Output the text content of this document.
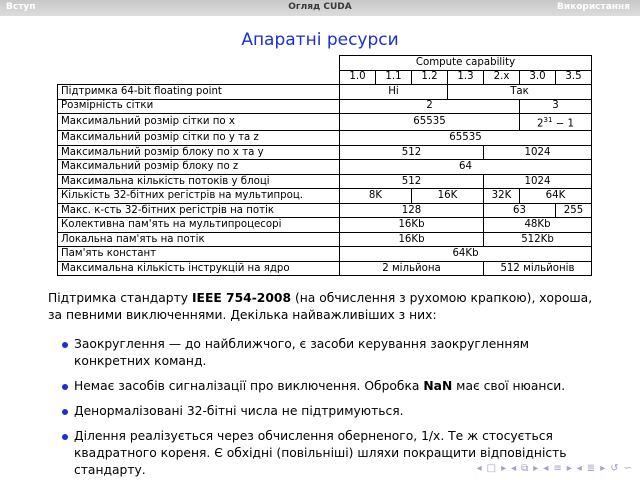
Огляд CUDA
Вступ	Використання
Апаратні ресурси
	Compute capability						
	1.0	1.1	1.2	1.3	2.x	3.0	3.5
Підтримка 64-bit floating point	Ні			Так			
Розмірність сітки	2					3	
Максимальний розмір сітки по x	65535					$2^{31} - 1$	
Максимальний розмір сітки по y та z	65535						
Максимальний розмір блоку по x та y	512				1024		
Максимальний розмір блоку по z	64						
Максимальна кількість потоків у блоці	512				1024		
Кількість 32-бітних регістрів на мультипроц.	8K		16K		32K	64K	
Макс. к-сть 32-бітних регістрів на потік	128				63		255
Колективна пам'ять на мультипроцесорі	16Kb				48Kb		
Локальна пам'ять на потік	16Kb				512Kb		
Пам'ять констант	64Kb						
Максимальна кількість інструкцій на ядро	2 мільйона				512 мільйонів		

Підтримка стандарту IEEE 754-2008 (на обчислення з рухомою крапкою), хороша, за певними виключеннями. Декілька найважливіших з них:

Заокруглення — до найближчого, є засоби керування заокругленням конкретних команд.
Немає засобів сигналізації про виключення. Обробка NaN має свої нюанси.
Денормалізовані 32-бітні числа не підтримуються.
Ділення реалізується через обчислення оберненого, 1/x. Те ж стосується квадратного кореня. Є обхідні (повільніші) шляхи покращити відповідність стандарту.	◂ □ ▸ ◂ ⧉ ▸ ◂ ≡ ▸ ◂ ≣ ▸ ↺ ∽
